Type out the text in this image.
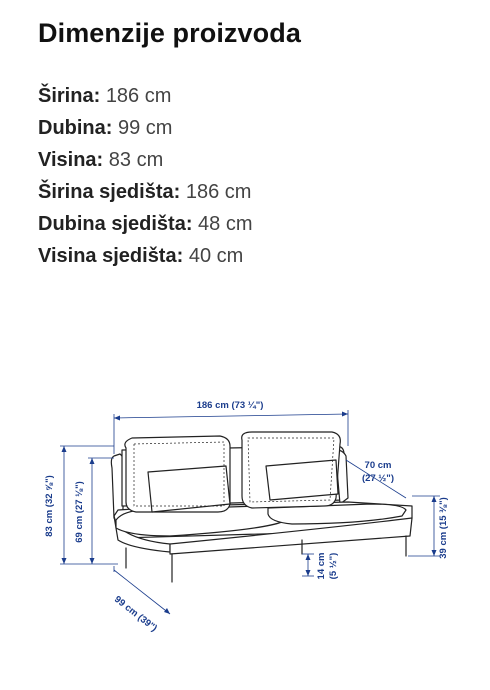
Dimenzije proizvoda
Širina: 186 cm
Dubina: 99 cm
Visina: 83 cm
Širina sjedišta: 186 cm
Dubina sjedišta: 48 cm
Visina sjedišta: 40 cm
186 cm (73 ¼")
83 cm (32 ⅝") 69 cm (27 ⅛")
70 cm
(27 ½")
39 cm (15 ⅜")
14 cm (5 ½")
99 cm (39")
